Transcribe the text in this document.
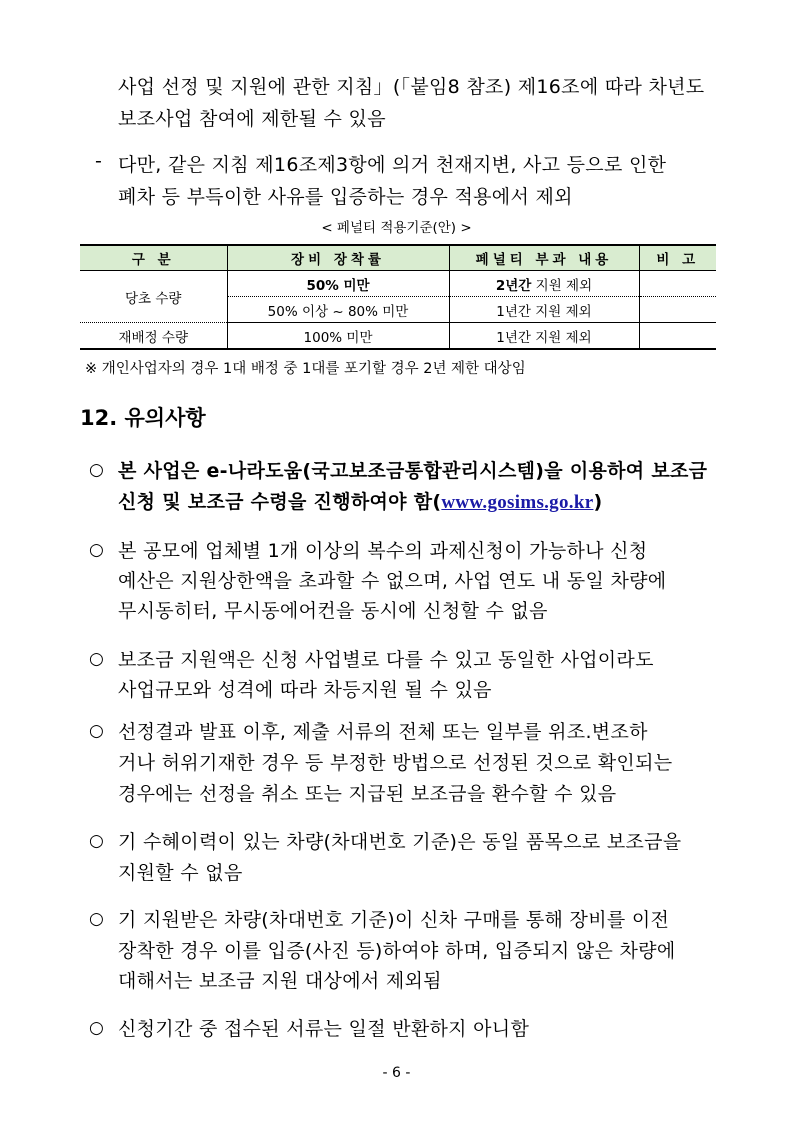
사업 선정 및 지원에 관한 지침」(「붙임8 참조) 제16조에 따라 차년도
보조사업 참여에 제한될 수 있음
- 다만, 같은 지침 제16조제3항에 의거 천재지변, 사고 등으로 인한
폐차 등 부득이한 사유를 입증하는 경우 적용에서 제외
< 페널티 적용기준(안) >
구 분	장비 장착률	페널티 부과 내용	비 고
당초 수량	50% 미만	2년간 지원 제외	
	50% 이상 ~ 80% 미만	1년간 지원 제외	
재배정 수량	100% 미만	1년간 지원 제외	
※ 개인사업자의 경우 1대 배정 중 1대를 포기할 경우 2년 제한 대상임
12. 유의사항
○ 본 사업은 e-나라도움(국고보조금통합관리시스템)을 이용하여 보조금
신청 및 보조금 수령을 진행하여야 함(www.gosims.go.kr)
○ 본 공모에 업체별 1개 이상의 복수의 과제신청이 가능하나 신청
예산은 지원상한액을 초과할 수 없으며, 사업 연도 내 동일 차량에
무시동히터, 무시동에어컨을 동시에 신청할 수 없음
○ 보조금 지원액은 신청 사업별로 다를 수 있고 동일한 사업이라도
사업규모와 성격에 따라 차등지원 될 수 있음
○ 선정결과 발표 이후, 제출 서류의 전체 또는 일부를 위조.변조하
거나 허위기재한 경우 등 부정한 방법으로 선정된 것으로 확인되는
경우에는 선정을 취소 또는 지급된 보조금을 환수할 수 있음
○ 기 수혜이력이 있는 차량(차대번호 기준)은 동일 품목으로 보조금을
지원할 수 없음
○ 기 지원받은 차량(차대번호 기준)이 신차 구매를 통해 장비를 이전
장착한 경우 이를 입증(사진 등)하여야 하며, 입증되지 않은 차량에
대해서는 보조금 지원 대상에서 제외됨
○ 신청기간 중 접수된 서류는 일절 반환하지 아니함
- 6 -
